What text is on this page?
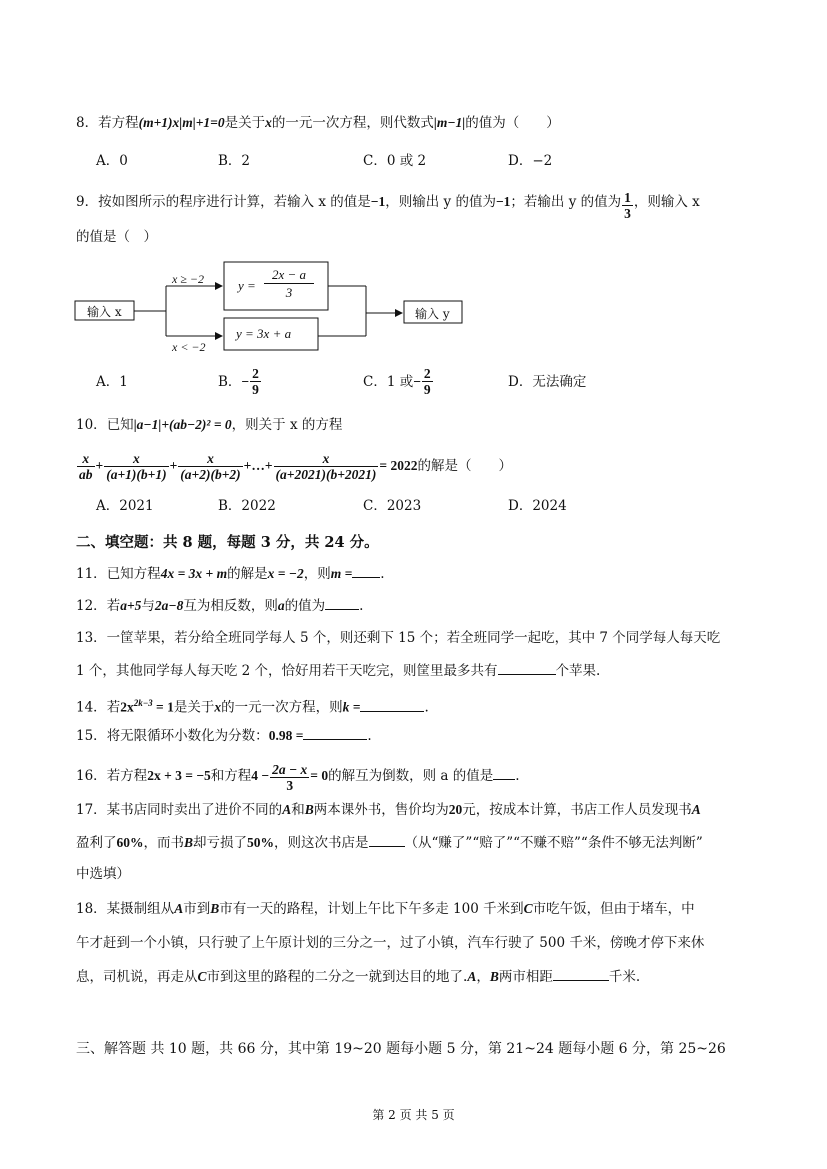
8．若方程(m+1)x|m|+1=0是关于x的一元一次方程，则代数式|m−1|的值为（　　）
A．0	B．2	C．0 或 2	D．−2
9．按如图所示的程序进行计算，若输入 x 的值是−1，则输出 y 的值为−1；若输出 y 的值为 $\frac{1}{3}$ ，则输入 x
的值是（　）
输入 x	输入 y
x ≥ −2
x < −2
y =
2x − a
3
y = 3x + a
A．1	B．− $\frac{2}{9}$	C．1 或− $\frac{2}{9}$	D．无法确定
10．已知|a−1|+(ab−2)² = 0，则关于 x 的方程
$\frac{x}{ab} + \frac{x}{(a+1)(b+1)} + \frac{x}{(a+2)(b+2)}$ +…+ $\frac{x}{(a+2021)(b+2021)} = 2022$的解是（　　）
A．2021	B．2022	C．2023	D．2024
二、填空题：共 8 题，每题 3 分，共 24 分。
11．已知方程4x = 3x + m的解是x = −2，则m = .
12．若a+5与2a−8互为相反数，则a的值为	.
13．一筐苹果，若分给全班同学每人 5 个，则还剩下 15 个；若全班同学一起吃，其中 7 个同学每人每天吃
1 个，其他同学每人每天吃 2 个，恰好用若干天吃完，则筐里最多共有	个苹果.
14．若$2x^{2k-3} = 1$是关于x的一元一次方程，则k =	.
15．将无限循环小数化为分数：0.98 =	.
16．若方程2x + 3 = −5和方程$4 - \frac{2a - x}{3} = 0$的解互为倒数，则 a 的值是 .
17．某书店同时卖出了进价不同的A和B两本课外书，售价均为20元，按成本计算，书店工作人员发现书A
盈利了60%，而书B却亏损了50%，则这次书店是	（从“赚了”“赔了”“不赚不赔”“条件不够无法判断”
中选填）
18．某摄制组从A市到B市有一天的路程，计划上午比下午多走 100 千米到C市吃午饭，但由于堵车，中
午才赶到一个小镇，只行驶了上午原计划的三分之一，过了小镇，汽车行驶了 500 千米，傍晚才停下来休
息，司机说，再走从C市到这里的路程的二分之一就到达目的地了.A，B两市相距	千米.
三、解答题 共 10 题，共 66 分，其中第 19~20 题每小题 5 分，第 21~24 题每小题 6 分，第 25~26
第 2 页 共 5 页
